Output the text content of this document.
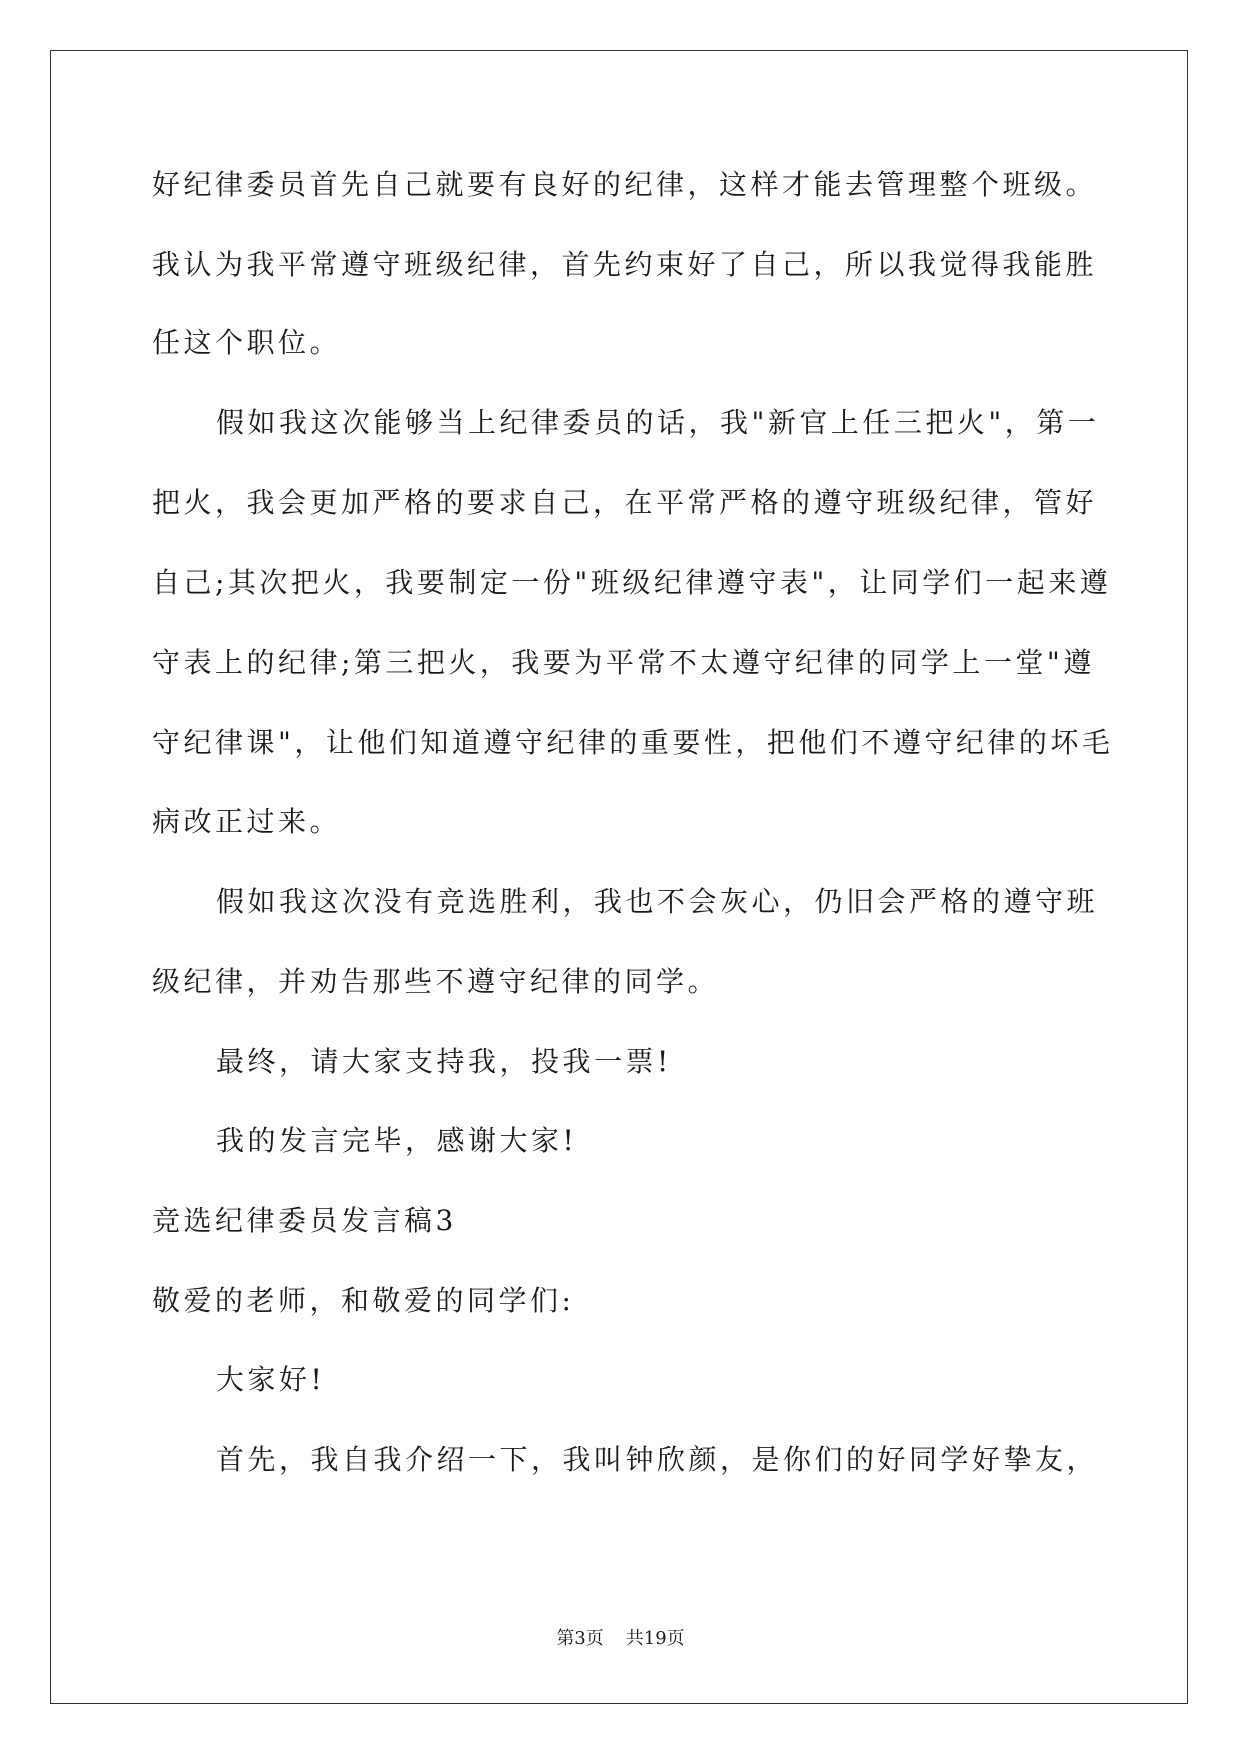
好纪律委员首先自己就要有良好的纪律，这样才能去管理整个班级。

我认为我平常遵守班级纪律，首先约束好了自己，所以我觉得我能胜

任这个职位。

假如我这次能够当上纪律委员的话，我"新官上任三把火"，第一

把火，我会更加严格的要求自己，在平常严格的遵守班级纪律，管好

自己;其次把火，我要制定一份"班级纪律遵守表"，让同学们一起来遵

守表上的纪律;第三把火，我要为平常不太遵守纪律的同学上一堂"遵

守纪律课"，让他们知道遵守纪律的重要性，把他们不遵守纪律的坏毛

病改正过来。

假如我这次没有竞选胜利，我也不会灰心，仍旧会严格的遵守班

级纪律，并劝告那些不遵守纪律的同学。

最终，请大家支持我，投我一票!

我的发言完毕，感谢大家!

竞选纪律委员发言稿3

敬爱的老师，和敬爱的同学们:

大家好!

首先，我自我介绍一下，我叫钟欣颜，是你们的好同学好挚友，

第3页 共19页
